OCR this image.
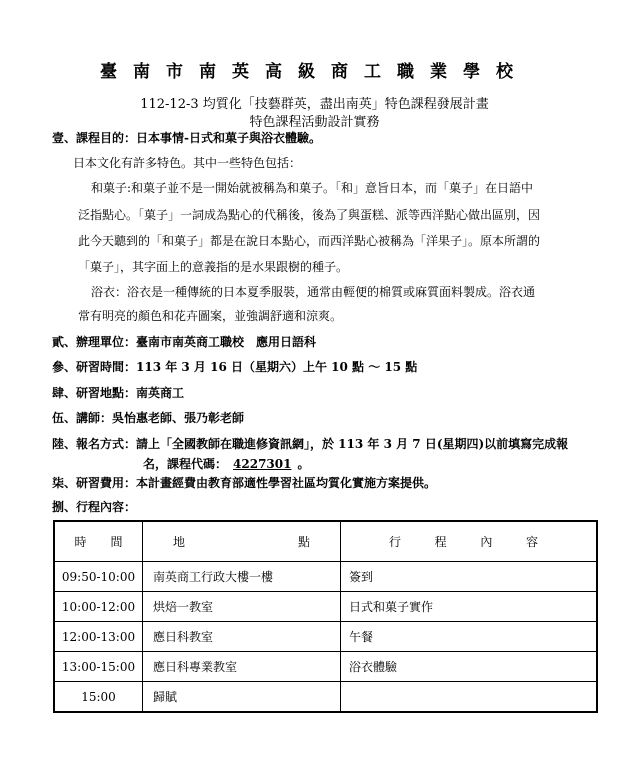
臺南市南英高級商工職業學校
112-12-3 均質化「技藝群英，盡出南英」特色課程發展計畫
特色課程活動設計實務
壹、課程目的：日本事情-日式和菓子與浴衣體驗。
日本文化有許多特色。其中一些特色包括：
和菓子:和菓子並不是一開始就被稱為和菓子。「和」意旨日本，而「菓子」在日語中
泛指點心。「菓子」一詞成為點心的代稱後，後為了與蛋糕、派等西洋點心做出區別，因
此今天聽到的「和菓子」都是在說日本點心，而西洋點心被稱為「洋果子」。原本所謂的
「菓子」，其字面上的意義指的是水果跟樹的種子。
浴衣：浴衣是一種傳統的日本夏季服裝，通常由輕便的棉質或麻質面料製成。浴衣通
常有明亮的顏色和花卉圖案，並強調舒適和涼爽。
貳、辦理單位：臺南市南英商工職校　應用日語科
參、研習時間：113 年 3 月 16 日（星期六）上午 10 點 ～ 15 點
肆、研習地點：南英商工
伍、講師：吳怡惠老師、張乃彰老師
陸、報名方式：請上「全國教師在職進修資訊網」，於 113 年 3 月 7 日(星期四)以前填寫完成報
名，課程代碼： 4227301 。
柒、研習費用：本計畫經費由教育部適性學習社區均質化實施方案提供。
捌、行程內容：
時　　間	地 點	行 程 內 容

09:50-10:00	南英商工行政大樓一樓	簽到
10:00-12:00	烘焙一教室	日式和菓子實作
12:00-13:00	應日科教室	午餐
13:00-15:00	應日科專業教室	浴衣體驗
15:00	歸賦	
